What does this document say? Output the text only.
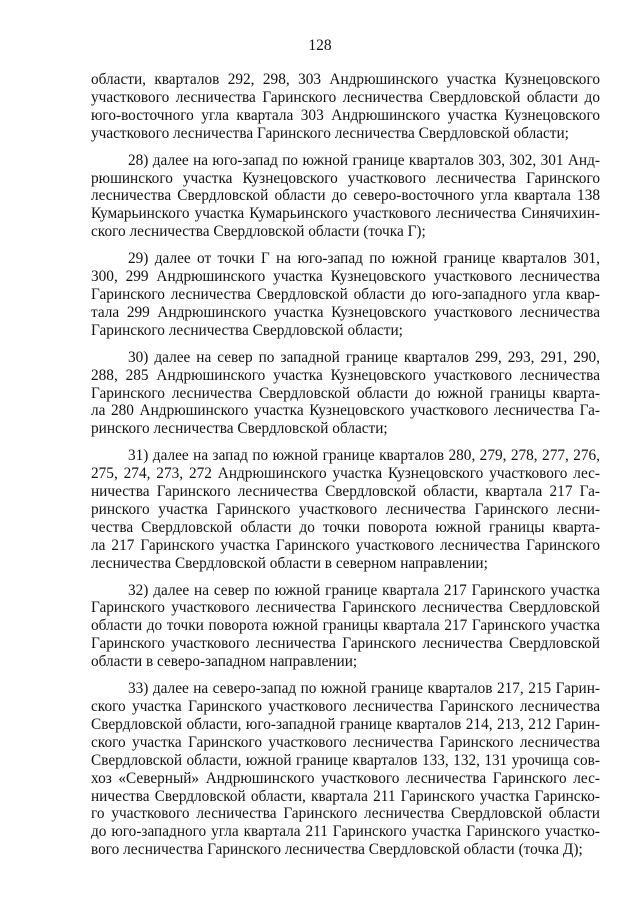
128

области, кварталов 292, 298, 303 Андрюшинского участка Кузнецовского
участкового лесничества Гаринского лесничества Свердловской области до
юго-восточного угла квартала 303 Андрюшинского участка Кузнецовского
участкового лесничества Гаринского лесничества Свердловской области;

28) далее на юго-запад по южной границе кварталов 303, 302, 301 Анд-
рюшинского участка Кузнецовского участкового лесничества Гаринского
лесничества Свердловской области до северо-восточного угла квартала 138
Кумарьинского участка Кумарьинского участкового лесничества Синячихин-
ского лесничества Свердловской области (точка Г);

29) далее от точки Г на юго-запад по южной границе кварталов 301,
300, 299 Андрюшинского участка Кузнецовского участкового лесничества
Гаринского лесничества Свердловской области до юго-западного угла квар-
тала 299 Андрюшинского участка Кузнецовского участкового лесничества
Гаринского лесничества Свердловской области;

30) далее на север по западной границе кварталов 299, 293, 291, 290,
288, 285 Андрюшинского участка Кузнецовского участкового лесничества
Гаринского лесничества Свердловской области до южной границы кварта-
ла 280 Андрюшинского участка Кузнецовского участкового лесничества Га-
ринского лесничества Свердловской области;

31) далее на запад по южной границе кварталов 280, 279, 278, 277, 276,
275, 274, 273, 272 Андрюшинского участка Кузнецовского участкового лес-
ничества Гаринского лесничества Свердловской области, квартала 217 Га-
ринского участка Гаринского участкового лесничества Гаринского лесни-
чества Свердловской области до точки поворота южной границы кварта-
ла 217 Гаринского участка Гаринского участкового лесничества Гаринского
лесничества Свердловской области в северном направлении;

32) далее на север по южной границе квартала 217 Гаринского участка
Гаринского участкового лесничества Гаринского лесничества Свердловской
области до точки поворота южной границы квартала 217 Гаринского участка
Гаринского участкового лесничества Гаринского лесничества Свердловской
области в северо-западном направлении;

33) далее на северо-запад по южной границе кварталов 217, 215 Гарин-
ского участка Гаринского участкового лесничества Гаринского лесничества
Свердловской области, юго-западной границе кварталов 214, 213, 212 Гарин-
ского участка Гаринского участкового лесничества Гаринского лесничества
Свердловской области, южной границе кварталов 133, 132, 131 урочища сов-
хоз «Северный» Андрюшинского участкового лесничества Гаринского лес-
ничества Свердловской области, квартала 211 Гаринского участка Гаринско-
го участкового лесничества Гаринского лесничества Свердловской области
до юго-западного угла квартала 211 Гаринского участка Гаринского участко-
вого лесничества Гаринского лесничества Свердловской области (точка Д);
